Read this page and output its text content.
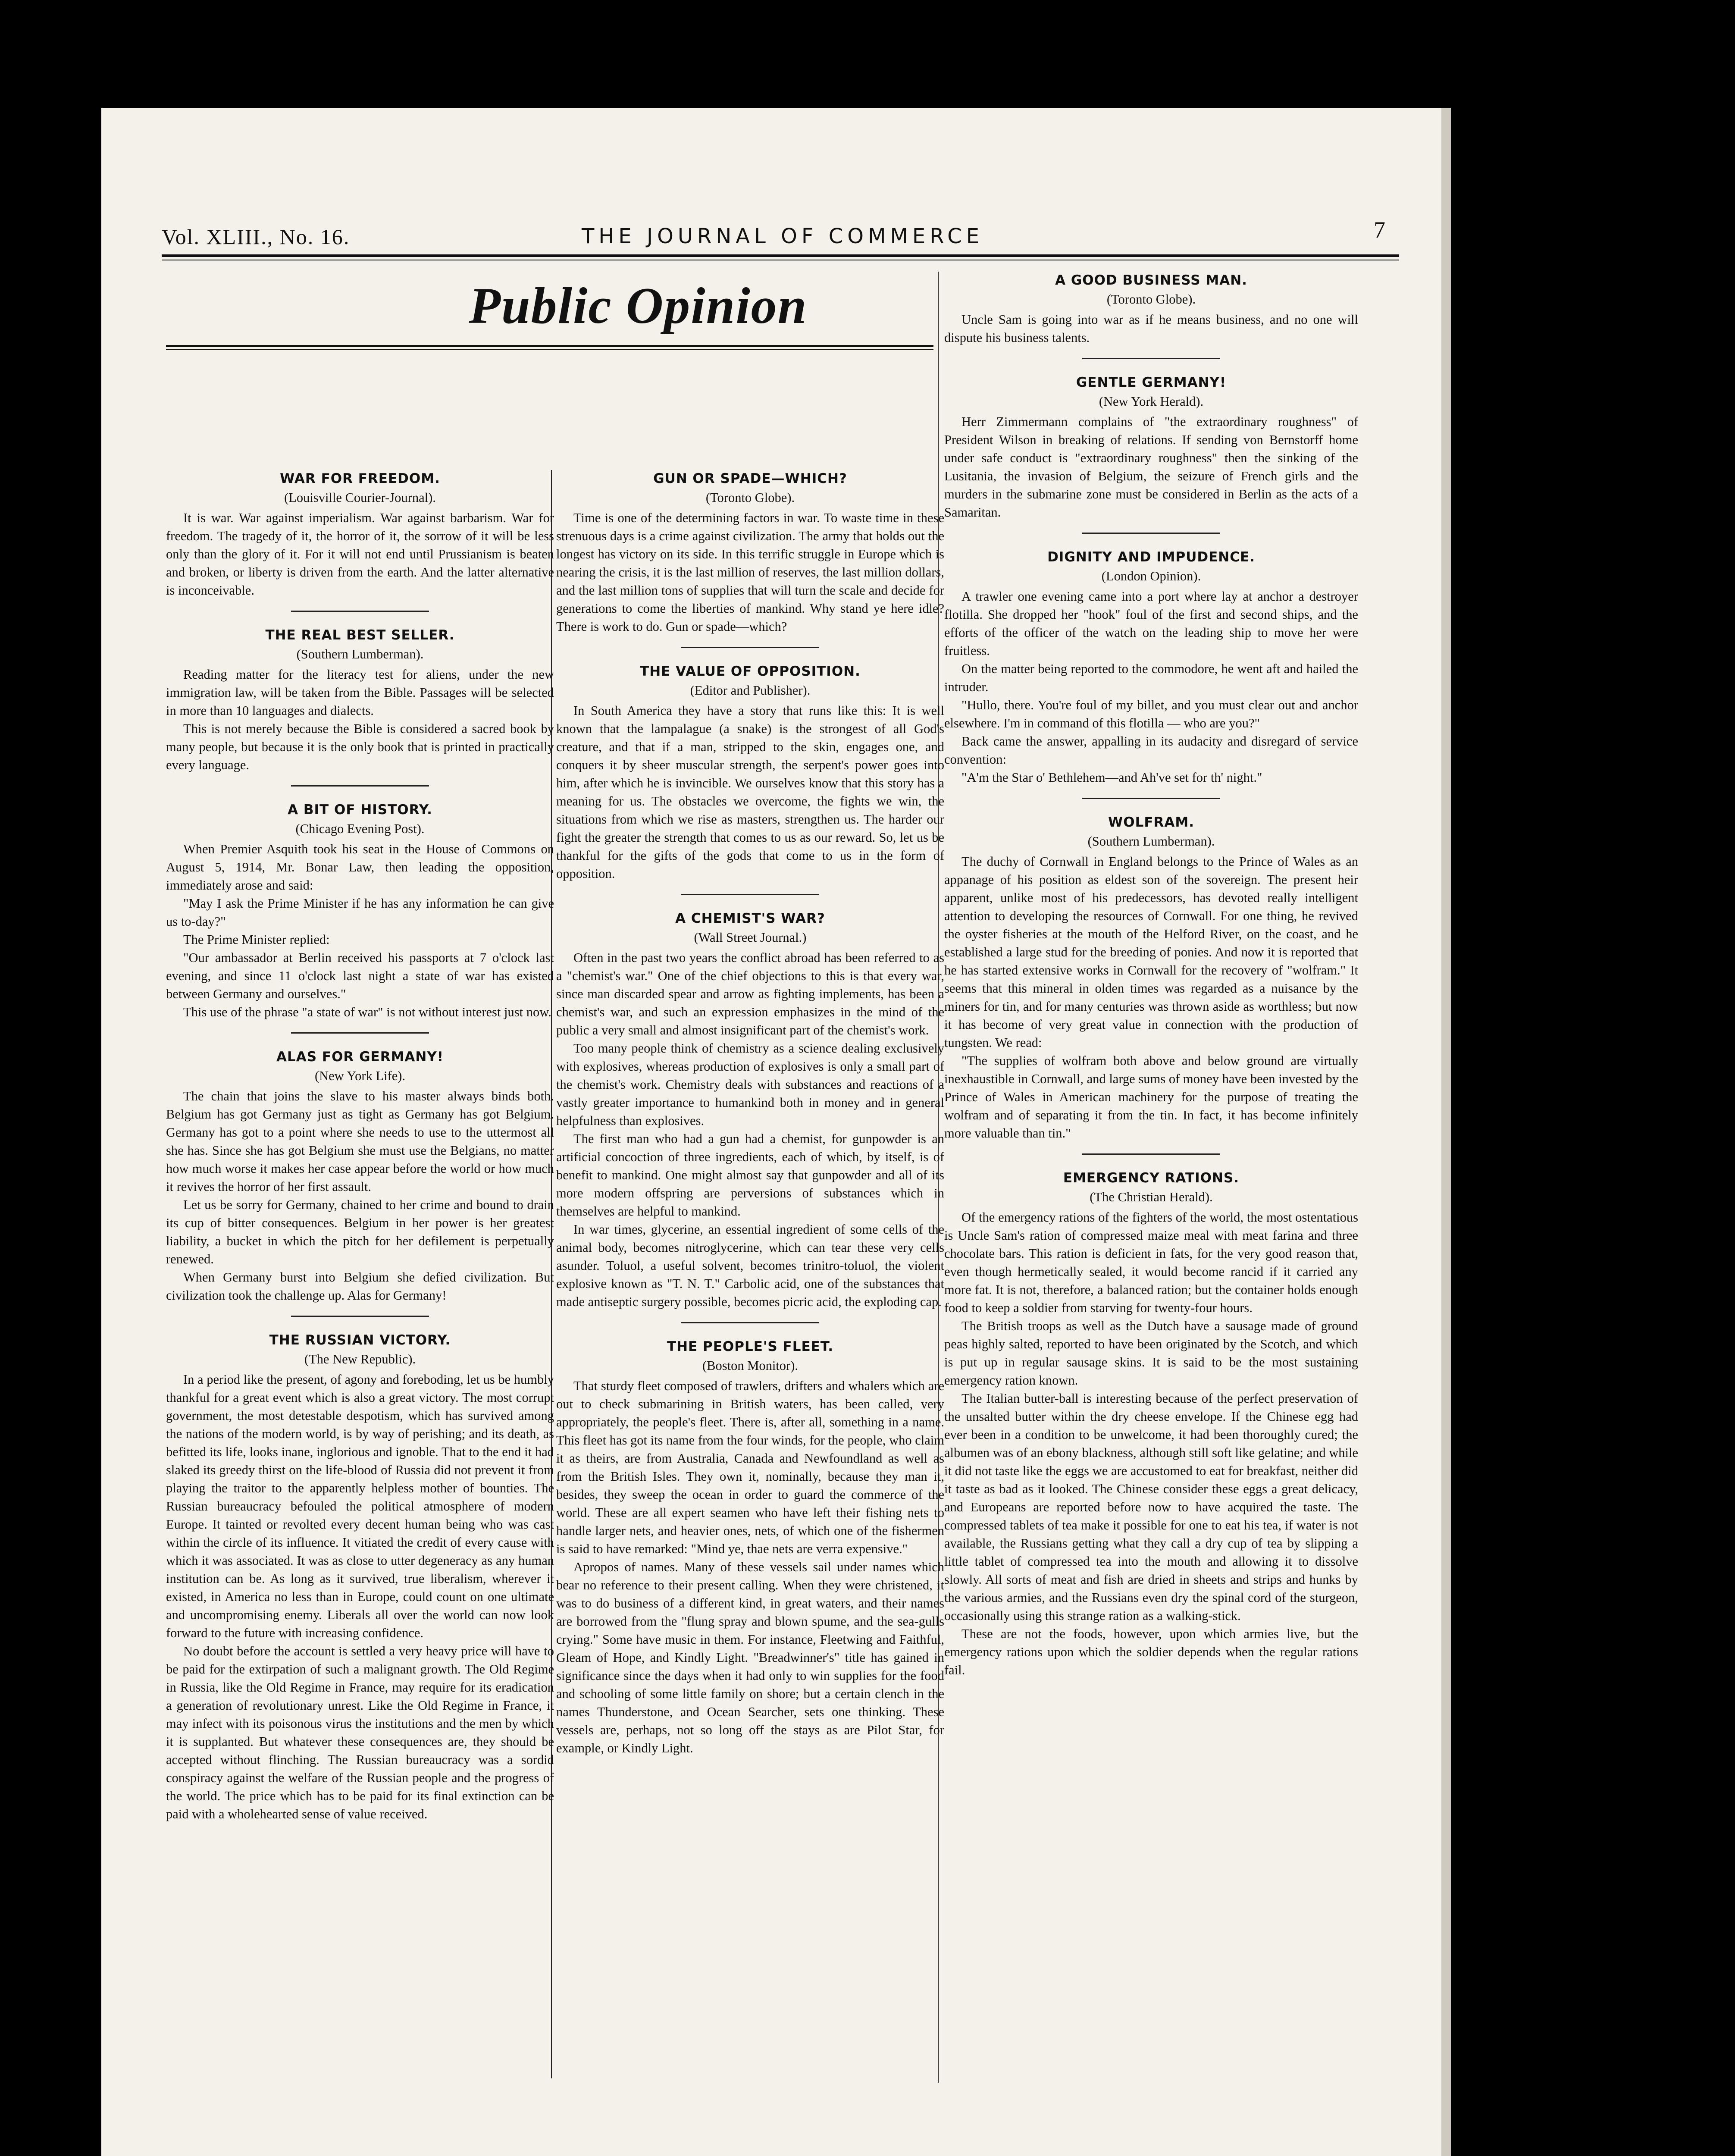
Vol. XLIII., No. 16.	THE JOURNAL OF COMMERCE	7
Public Opinion
WAR FOR FREEDOM.
(Louisville Courier-Journal).

It is war. War against imperialism. War against barbarism. War for freedom. The tragedy of it, the horror of it, the sorrow of it will be less only than the glory of it. For it will not end until Prussianism is beaten and broken, or liberty is driven from the earth. And the latter alternative is inconceivable.

THE REAL BEST SELLER.
(Southern Lumberman).

Reading matter for the literacy test for aliens, under the new immigration law, will be taken from the Bible. Passages will be selected in more than 10 languages and dialects.

This is not merely because the Bible is considered a sacred book by many people, but because it is the only book that is printed in practically every language.

A BIT OF HISTORY.
(Chicago Evening Post).

When Premier Asquith took his seat in the House of Commons on August 5, 1914, Mr. Bonar Law, then leading the opposition, immediately arose and said:

"May I ask the Prime Minister if he has any information he can give us to-day?"

The Prime Minister replied:

"Our ambassador at Berlin received his passports at 7 o'clock last evening, and since 11 o'clock last night a state of war has existed between Germany and ourselves."

This use of the phrase "a state of war" is not without interest just now.

ALAS FOR GERMANY!
(New York Life).

The chain that joins the slave to his master always binds both. Belgium has got Germany just as tight as Germany has got Belgium. Germany has got to a point where she needs to use to the uttermost all she has. Since she has got Belgium she must use the Belgians, no matter how much worse it makes her case appear before the world or how much it revives the horror of her first assault.

Let us be sorry for Germany, chained to her crime and bound to drain its cup of bitter consequences. Belgium in her power is her greatest liability, a bucket in which the pitch for her defilement is perpetually renewed.

When Germany burst into Belgium she defied civilization. But civilization took the challenge up. Alas for Germany!

THE RUSSIAN VICTORY.
(The New Republic).

In a period like the present, of agony and foreboding, let us be humbly thankful for a great event which is also a great victory. The most corrupt government, the most detestable despotism, which has survived among the nations of the modern world, is by way of perishing; and its death, as befitted its life, looks inane, inglorious and ignoble. That to the end it had slaked its greedy thirst on the life-blood of Russia did not prevent it from playing the traitor to the apparently helpless mother of bounties. The Russian bureaucracy befouled the political atmosphere of modern Europe. It tainted or revolted every decent human being who was cast within the circle of its influence. It vitiated the credit of every cause with which it was associated. It was as close to utter degeneracy as any human institution can be. As long as it survived, true liberalism, wherever it existed, in America no less than in Europe, could count on one ultimate and uncompromising enemy. Liberals all over the world can now look forward to the future with increasing confidence.

No doubt before the account is settled a very heavy price will have to be paid for the extirpation of such a malignant growth. The Old Regime in Russia, like the Old Regime in France, may require for its eradication a generation of revolutionary unrest. Like the Old Regime in France, it may infect with its poisonous virus the institutions and the men by which it is supplanted. But whatever these consequences are, they should be accepted without flinching. The Russian bureaucracy was a sordid conspiracy against the welfare of the Russian people and the progress of the world. The price which has to be paid for its final extinction can be paid with a wholehearted sense of value received.

GUN OR SPADE—WHICH?
(Toronto Globe).

Time is one of the determining factors in war. To waste time in these strenuous days is a crime against civilization. The army that holds out the longest has victory on its side. In this terrific struggle in Europe which is nearing the crisis, it is the last million of reserves, the last million dollars, and the last million tons of supplies that will turn the scale and decide for generations to come the liberties of mankind. Why stand ye here idle? There is work to do. Gun or spade—which?

THE VALUE OF OPPOSITION.
(Editor and Publisher).

In South America they have a story that runs like this: It is well known that the lampalague (a snake) is the strongest of all God's creature, and that if a man, stripped to the skin, engages one, and conquers it by sheer muscular strength, the serpent's power goes into him, after which he is invincible. We ourselves know that this story has a meaning for us. The obstacles we overcome, the fights we win, the situations from which we rise as masters, strengthen us. The harder our fight the greater the strength that comes to us as our reward. So, let us be thankful for the gifts of the gods that come to us in the form of opposition.

A CHEMIST'S WAR?
(Wall Street Journal.)

Often in the past two years the conflict abroad has been referred to as a "chemist's war." One of the chief objections to this is that every war, since man discarded spear and arrow as fighting implements, has been a chemist's war, and such an expression emphasizes in the mind of the public a very small and almost insignificant part of the chemist's work.

Too many people think of chemistry as a science dealing exclusively with explosives, whereas production of explosives is only a small part of the chemist's work. Chemistry deals with substances and reactions of a vastly greater importance to humankind both in money and in general helpfulness than explosives.

The first man who had a gun had a chemist, for gunpowder is an artificial concoction of three ingredients, each of which, by itself, is of benefit to mankind. One might almost say that gunpowder and all of its more modern offspring are perversions of substances which in themselves are helpful to mankind.

In war times, glycerine, an essential ingredient of some cells of the animal body, becomes nitroglycerine, which can tear these very cells asunder. Toluol, a useful solvent, becomes trinitro-toluol, the violent explosive known as "T. N. T." Carbolic acid, one of the substances that made antiseptic surgery possible, becomes picric acid, the exploding cap.

THE PEOPLE'S FLEET.
(Boston Monitor).

That sturdy fleet composed of trawlers, drifters and whalers which are out to check submarining in British waters, has been called, very appropriately, the people's fleet. There is, after all, something in a name. This fleet has got its name from the four winds, for the people, who claim it as theirs, are from Australia, Canada and Newfoundland as well as from the British Isles. They own it, nominally, because they man it, besides, they sweep the ocean in order to guard the commerce of the world. These are all expert seamen who have left their fishing nets to handle larger nets, and heavier ones, nets, of which one of the fishermen is said to have remarked: "Mind ye, thae nets are verra expensive."

Apropos of names. Many of these vessels sail under names which bear no reference to their present calling. When they were christened, it was to do business of a different kind, in great waters, and their names are borrowed from the "flung spray and blown spume, and the sea-gulls crying." Some have music in them. For instance, Fleetwing and Faithful, Gleam of Hope, and Kindly Light. "Breadwinner's" title has gained in significance since the days when it had only to win supplies for the food and schooling of some little family on shore; but a certain clench in the names Thunderstone, and Ocean Searcher, sets one thinking. These vessels are, perhaps, not so long off the stays as are Pilot Star, for example, or Kindly Light.

A GOOD BUSINESS MAN.
(Toronto Globe).

Uncle Sam is going into war as if he means business, and no one will dispute his business talents.

GENTLE GERMANY!
(New York Herald).

Herr Zimmermann complains of "the extraordinary roughness" of President Wilson in breaking of relations. If sending von Bernstorff home under safe conduct is "extraordinary roughness" then the sinking of the Lusitania, the invasion of Belgium, the seizure of French girls and the murders in the submarine zone must be considered in Berlin as the acts of a Samaritan.

DIGNITY AND IMPUDENCE.
(London Opinion).

A trawler one evening came into a port where lay at anchor a destroyer flotilla. She dropped her "hook" foul of the first and second ships, and the efforts of the officer of the watch on the leading ship to move her were fruitless.

On the matter being reported to the commodore, he went aft and hailed the intruder.

"Hullo, there. You're foul of my billet, and you must clear out and anchor elsewhere. I'm in command of this flotilla — who are you?"

Back came the answer, appalling in its audacity and disregard of service convention:

"A'm the Star o' Bethlehem—and Ah've set for th' night."

WOLFRAM.
(Southern Lumberman).

The duchy of Cornwall in England belongs to the Prince of Wales as an appanage of his position as eldest son of the sovereign. The present heir apparent, unlike most of his predecessors, has devoted really intelligent attention to developing the resources of Cornwall. For one thing, he revived the oyster fisheries at the mouth of the Helford River, on the coast, and he established a large stud for the breeding of ponies. And now it is reported that he has started extensive works in Cornwall for the recovery of "wolfram." It seems that this mineral in olden times was regarded as a nuisance by the miners for tin, and for many centuries was thrown aside as worthless; but now it has become of very great value in connection with the production of tungsten. We read:

"The supplies of wolfram both above and below ground are virtually inexhaustible in Cornwall, and large sums of money have been invested by the Prince of Wales in American machinery for the purpose of treating the wolfram and of separating it from the tin. In fact, it has become infinitely more valuable than tin."

EMERGENCY RATIONS.
(The Christian Herald).

Of the emergency rations of the fighters of the world, the most ostentatious is Uncle Sam's ration of compressed maize meal with meat farina and three chocolate bars. This ration is deficient in fats, for the very good reason that, even though hermetically sealed, it would become rancid if it carried any more fat. It is not, therefore, a balanced ration; but the container holds enough food to keep a soldier from starving for twenty-four hours.

The British troops as well as the Dutch have a sausage made of ground peas highly salted, reported to have been originated by the Scotch, and which is put up in regular sausage skins. It is said to be the most sustaining emergency ration known.

The Italian butter-ball is interesting because of the perfect preservation of the unsalted butter within the dry cheese envelope. If the Chinese egg had ever been in a condition to be unwelcome, it had been thoroughly cured; the albumen was of an ebony blackness, although still soft like gelatine; and while it did not taste like the eggs we are accustomed to eat for breakfast, neither did it taste as bad as it looked. The Chinese consider these eggs a great delicacy, and Europeans are reported before now to have acquired the taste. The compressed tablets of tea make it possible for one to eat his tea, if water is not available, the Russians getting what they call a dry cup of tea by slipping a little tablet of compressed tea into the mouth and allowing it to dissolve slowly. All sorts of meat and fish are dried in sheets and strips and hunks by the various armies, and the Russians even dry the spinal cord of the sturgeon, occasionally using this strange ration as a walking-stick.

These are not the foods, however, upon which armies live, but the emergency rations upon which the soldier depends when the regular rations fail.
